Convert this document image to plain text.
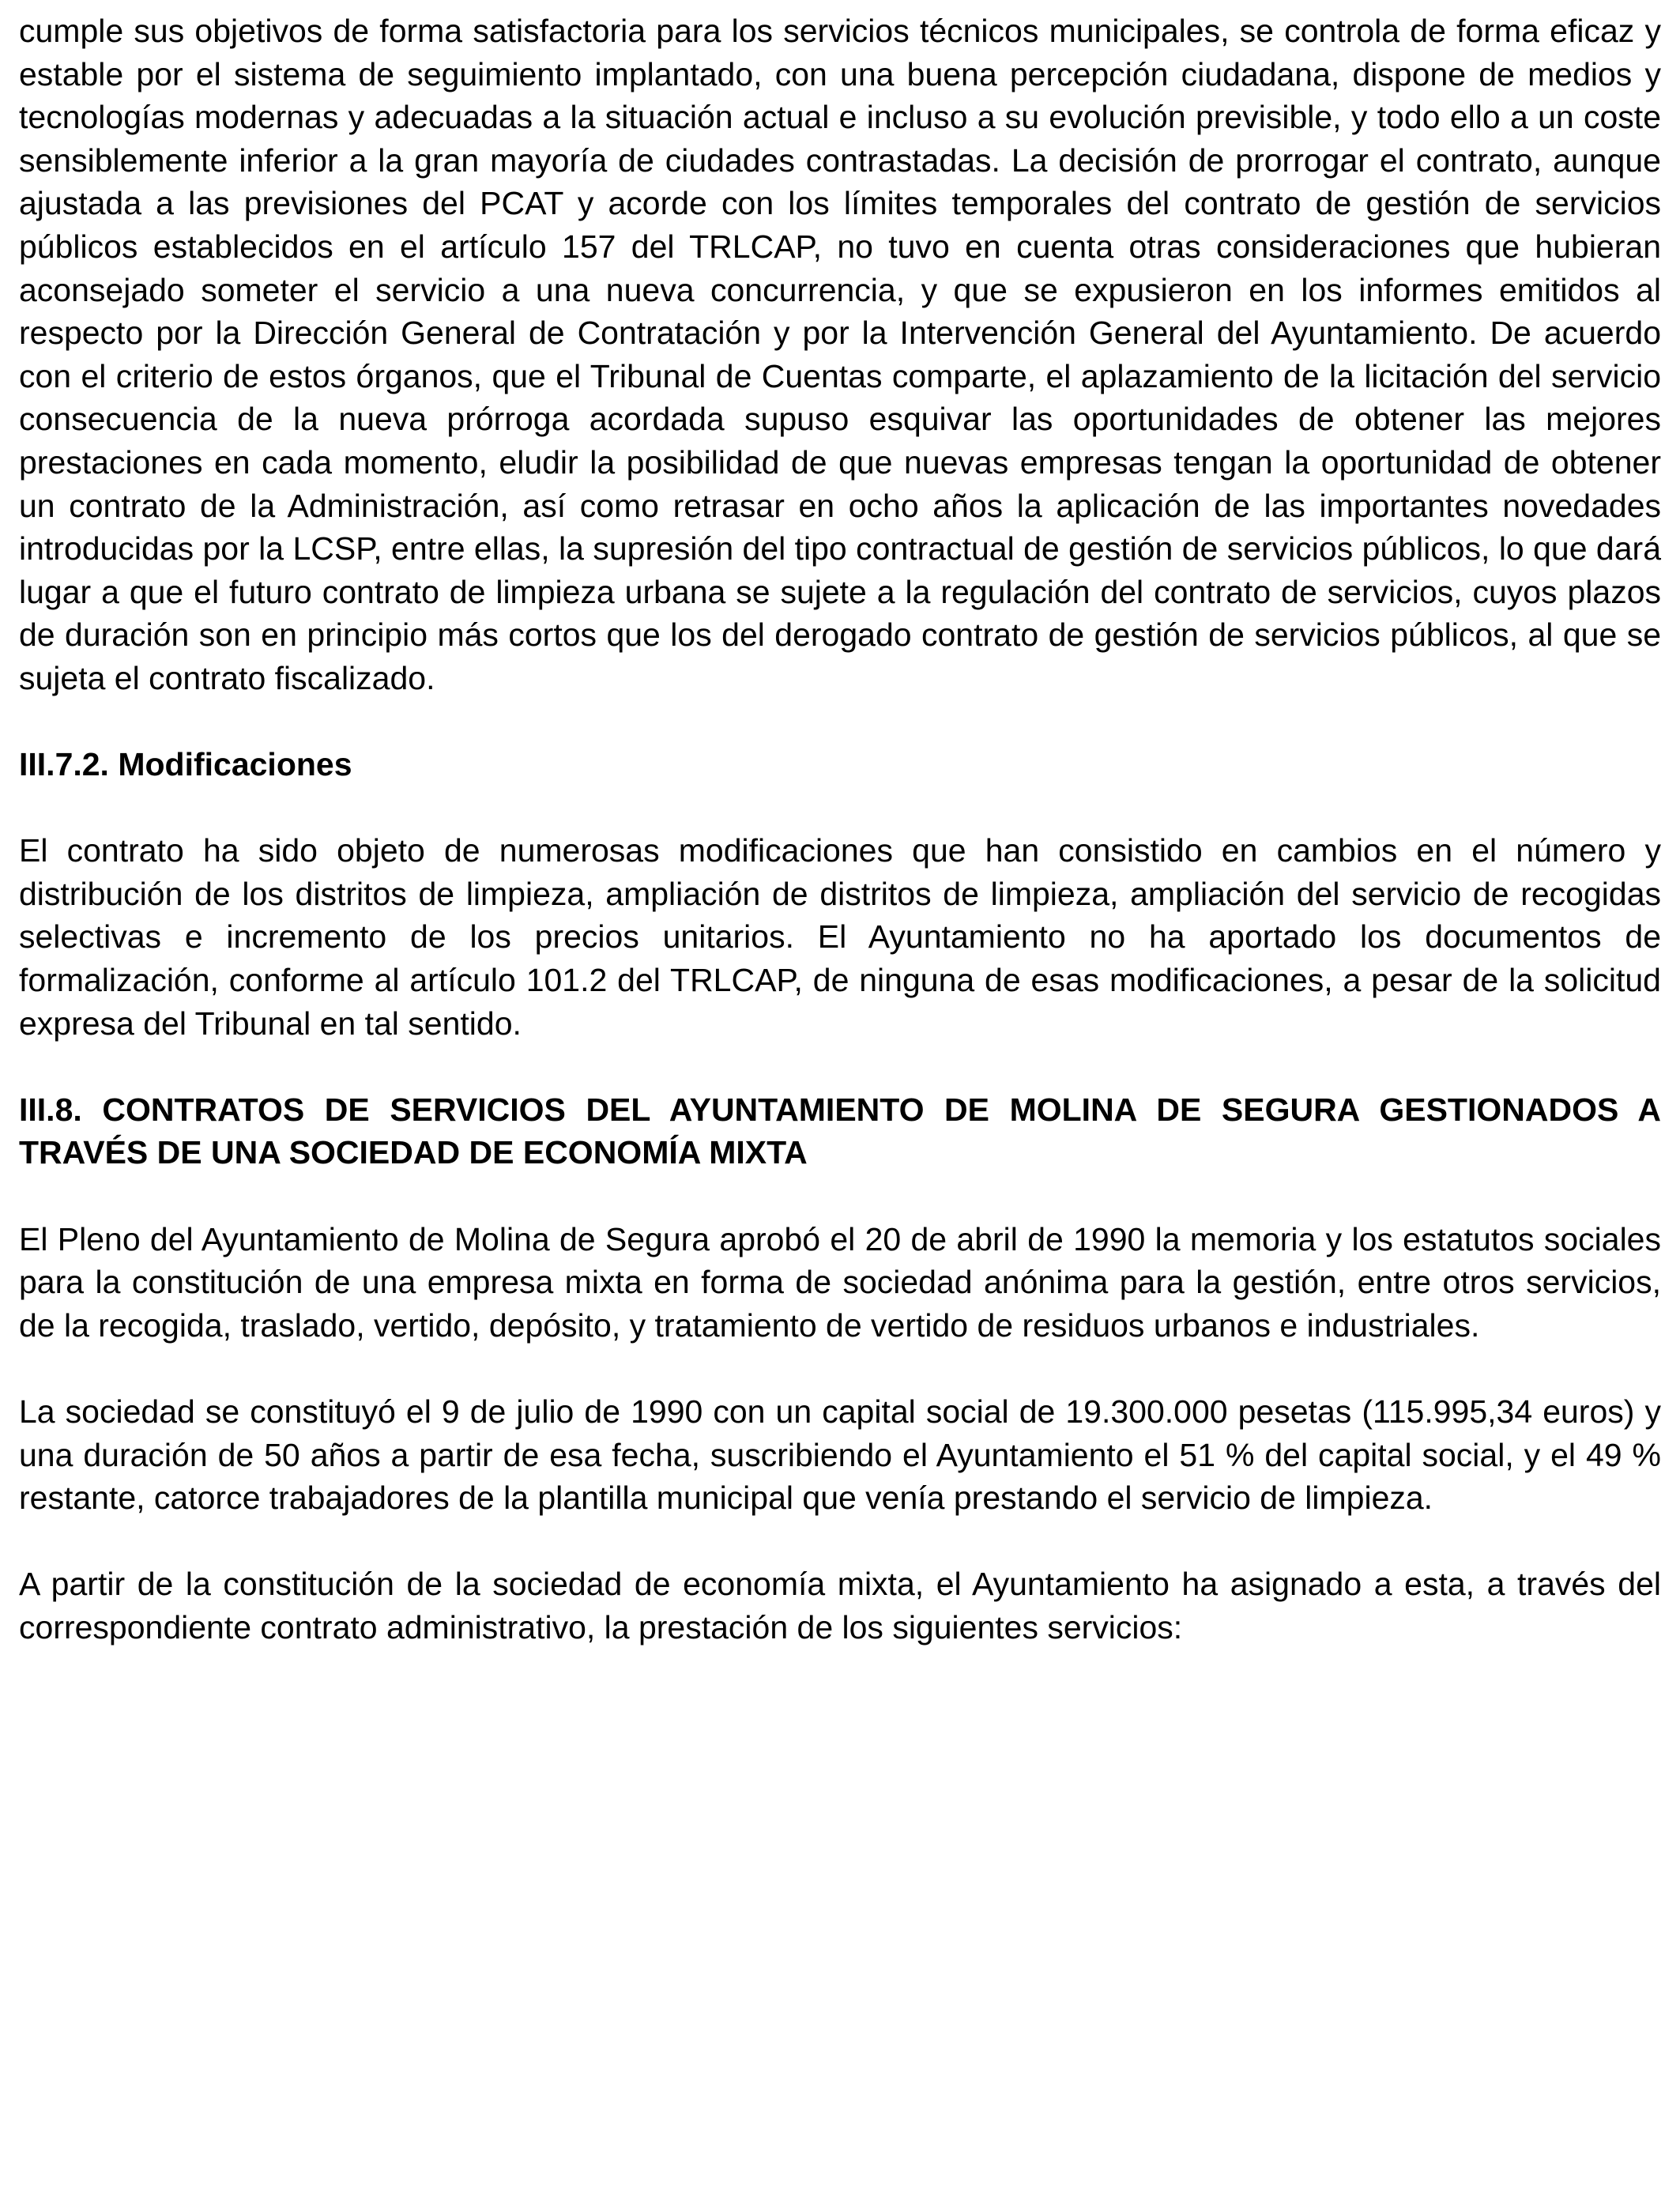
cumple sus objetivos de forma satisfactoria para los servicios técnicos municipales, se controla de forma eficaz y estable por el sistema de seguimiento implantado, con una buena percepción ciudadana, dispone de medios y tecnologías modernas y adecuadas a la situación actual e incluso a su evolución previsible, y todo ello a un coste sensiblemente inferior a la gran mayoría de ciudades contrastadas. La decisión de prorrogar el contrato, aunque ajustada a las previsiones del PCAT y acorde con los límites temporales del contrato de gestión de servicios públicos establecidos en el artículo 157 del TRLCAP, no tuvo en cuenta otras consideraciones que hubieran aconsejado someter el servicio a una nueva concurrencia, y que se expusieron en los informes emitidos al respecto por la Dirección General de Contratación y por la Intervención General del Ayuntamiento. De acuerdo con el criterio de estos órganos, que el Tribunal de Cuentas comparte, el aplazamiento de la licitación del servicio consecuencia de la nueva prórroga acordada supuso esquivar las oportunidades de obtener las mejores prestaciones en cada momento, eludir la posibilidad de que nuevas empresas tengan la oportunidad de obtener un contrato de la Administración, así como retrasar en ocho años la aplicación de las importantes novedades introducidas por la LCSP, entre ellas, la supresión del tipo contractual de gestión de servicios públicos, lo que dará lugar a que el futuro contrato de limpieza urbana se sujete a la regulación del contrato de servicios, cuyos plazos de duración son en principio más cortos que los del derogado contrato de gestión de servicios públicos, al que se sujeta el contrato fiscalizado.

III.7.2. Modificaciones

El contrato ha sido objeto de numerosas modificaciones que han consistido en cambios en el número y distribución de los distritos de limpieza, ampliación de distritos de limpieza, ampliación del servicio de recogidas selectivas e incremento de los precios unitarios. El Ayuntamiento no ha aportado los documentos de formalización, conforme al artículo 101.2 del TRLCAP, de ninguna de esas modificaciones, a pesar de la solicitud expresa del Tribunal en tal sentido.

III.8. CONTRATOS DE SERVICIOS DEL AYUNTAMIENTO DE MOLINA DE SEGURA GESTIONADOS A TRAVÉS DE UNA SOCIEDAD DE ECONOMÍA MIXTA

El Pleno del Ayuntamiento de Molina de Segura aprobó el 20 de abril de 1990 la memoria y los estatutos sociales para la constitución de una empresa mixta en forma de sociedad anónima para la gestión, entre otros servicios, de la recogida, traslado, vertido, depósito, y tratamiento de vertido de residuos urbanos e industriales.

La sociedad se constituyó el 9 de julio de 1990 con un capital social de 19.300.000 pesetas (115.995,34 euros) y una duración de 50 años a partir de esa fecha, suscribiendo el Ayuntamiento el 51 % del capital social, y el 49 % restante, catorce trabajadores de la plantilla municipal que venía prestando el servicio de limpieza.

A partir de la constitución de la sociedad de economía mixta, el Ayuntamiento ha asignado a esta, a través del correspondiente contrato administrativo, la prestación de los siguientes servicios:
